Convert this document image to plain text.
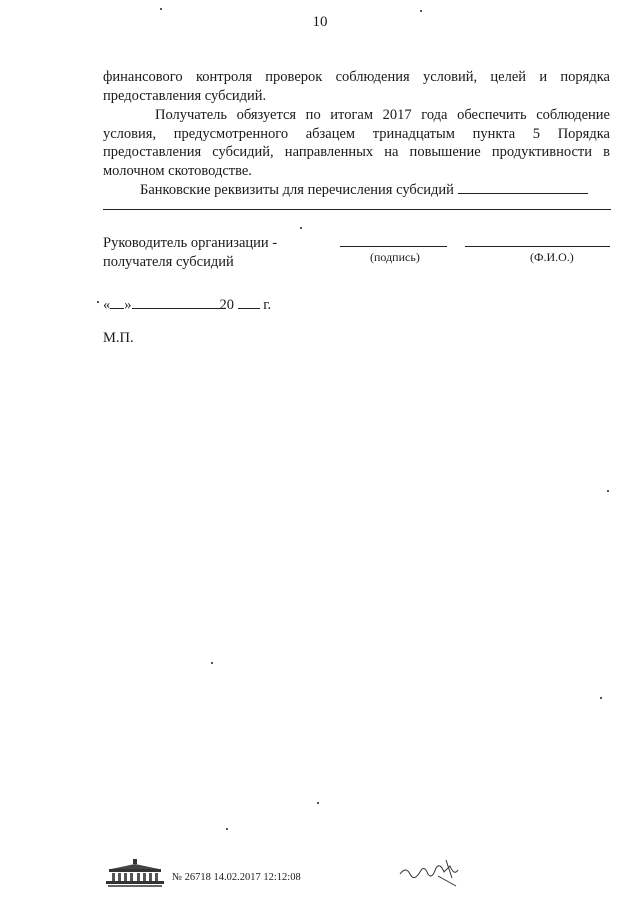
10

финансового контроля проверок соблюдения условий, целей и порядка предоставления субсидий.

Получатель обязуется по итогам 2017 года обеспечить соблюдение условия, предусмотренного абзацем тринадцатым пункта 5 Порядка предоставления субсидий, направленных на повышение продуктивности в молочном скотоводстве.

Банковские реквизиты для перечисления субсидий
Руководитель организации -
получателя субсидий	(подпись)	(Ф.И.О.)
« »	20 г.
М.П.
№ 26718 14.02.2017 12:12:08
